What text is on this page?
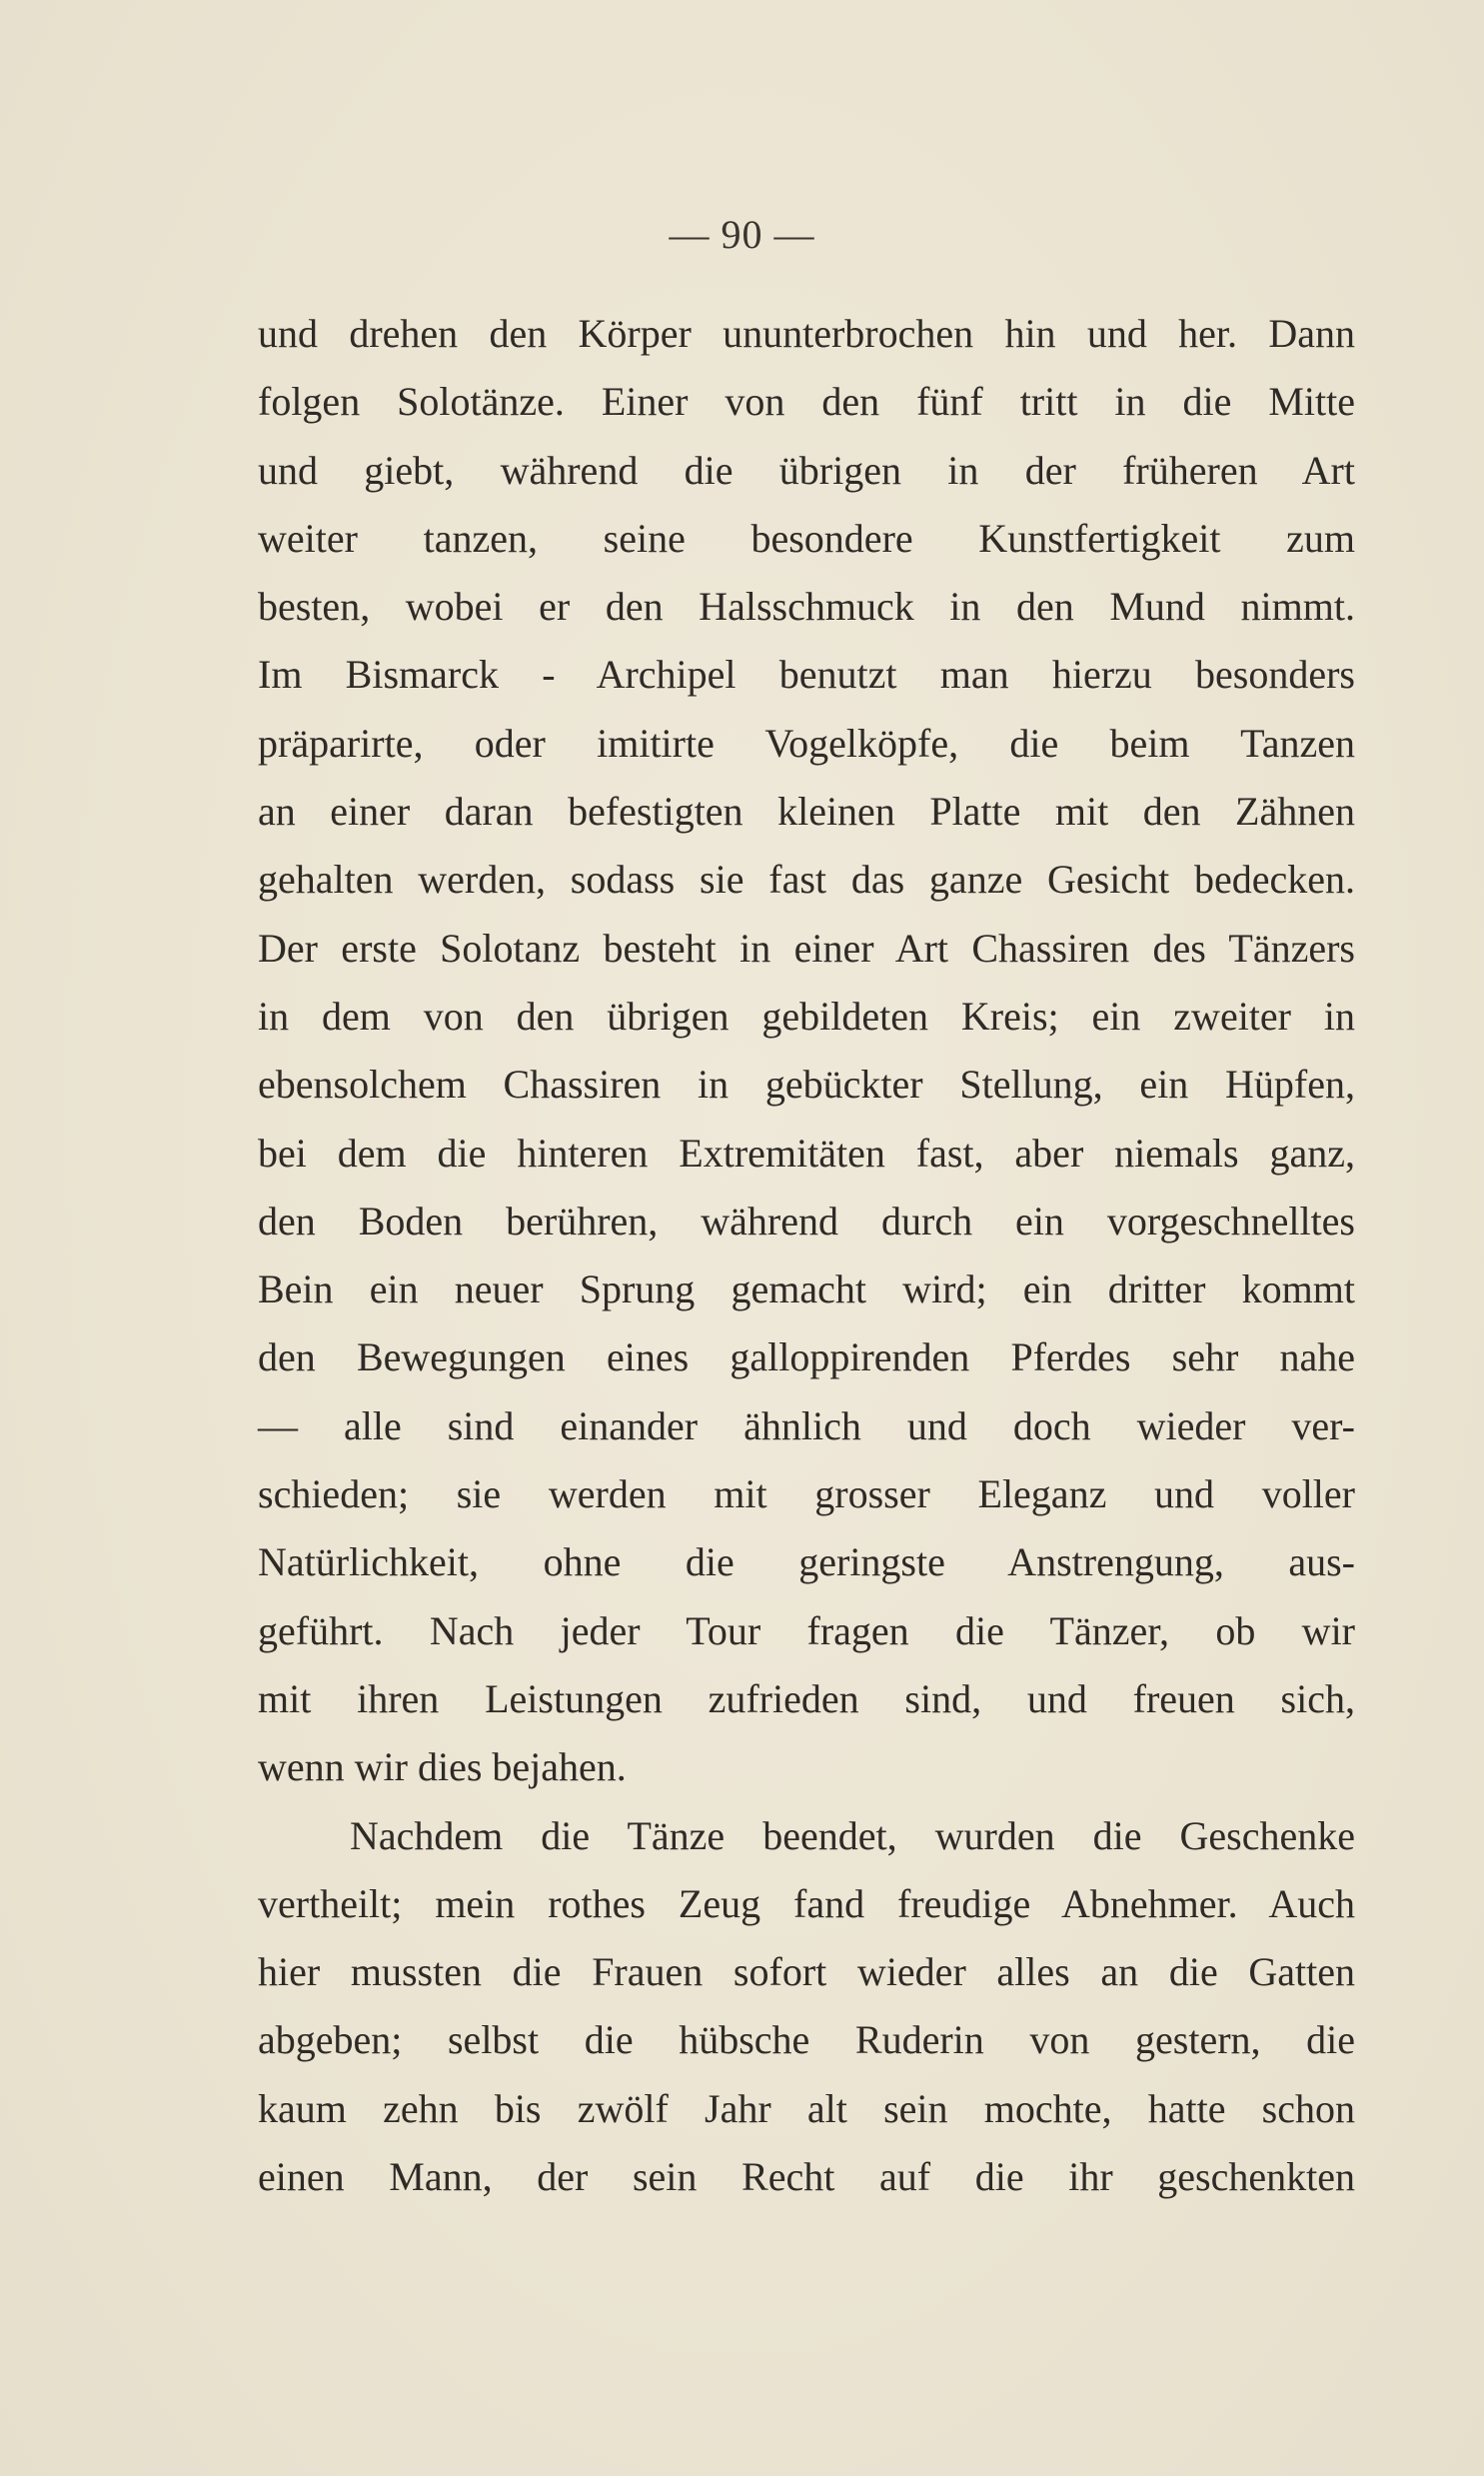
— 90 —
und drehen den Körper ununterbrochen hin und her. Dann
folgen Solotänze. Einer von den fünf tritt in die Mitte
und giebt, während die übrigen in der früheren Art
weiter tanzen, seine besondere Kunstfertigkeit zum
besten, wobei er den Halsschmuck in den Mund nimmt.
Im Bismarck - Archipel benutzt man hierzu besonders
präparirte, oder imitirte Vogelköpfe, die beim Tanzen
an einer daran befestigten kleinen Platte mit den Zähnen
gehalten werden, sodass sie fast das ganze Gesicht bedecken.
Der erste Solotanz besteht in einer Art Chassiren des Tänzers
in dem von den übrigen gebildeten Kreis; ein zweiter in
ebensolchem Chassiren in gebückter Stellung, ein Hüpfen,
bei dem die hinteren Extremitäten fast, aber niemals ganz,
den Boden berühren, während durch ein vorgeschnelltes
Bein ein neuer Sprung gemacht wird; ein dritter kommt
den Bewegungen eines galloppirenden Pferdes sehr nahe
— alle sind einander ähnlich und doch wieder ver-
schieden; sie werden mit grosser Eleganz und voller
Natürlichkeit, ohne die geringste Anstrengung, aus-
geführt. Nach jeder Tour fragen die Tänzer, ob wir
mit ihren Leistungen zufrieden sind, und freuen sich,
wenn wir dies bejahen.
Nachdem die Tänze beendet, wurden die Geschenke
vertheilt; mein rothes Zeug fand freudige Abnehmer. Auch
hier mussten die Frauen sofort wieder alles an die Gatten
abgeben; selbst die hübsche Ruderin von gestern, die
kaum zehn bis zwölf Jahr alt sein mochte, hatte schon
einen Mann, der sein Recht auf die ihr geschenkten
